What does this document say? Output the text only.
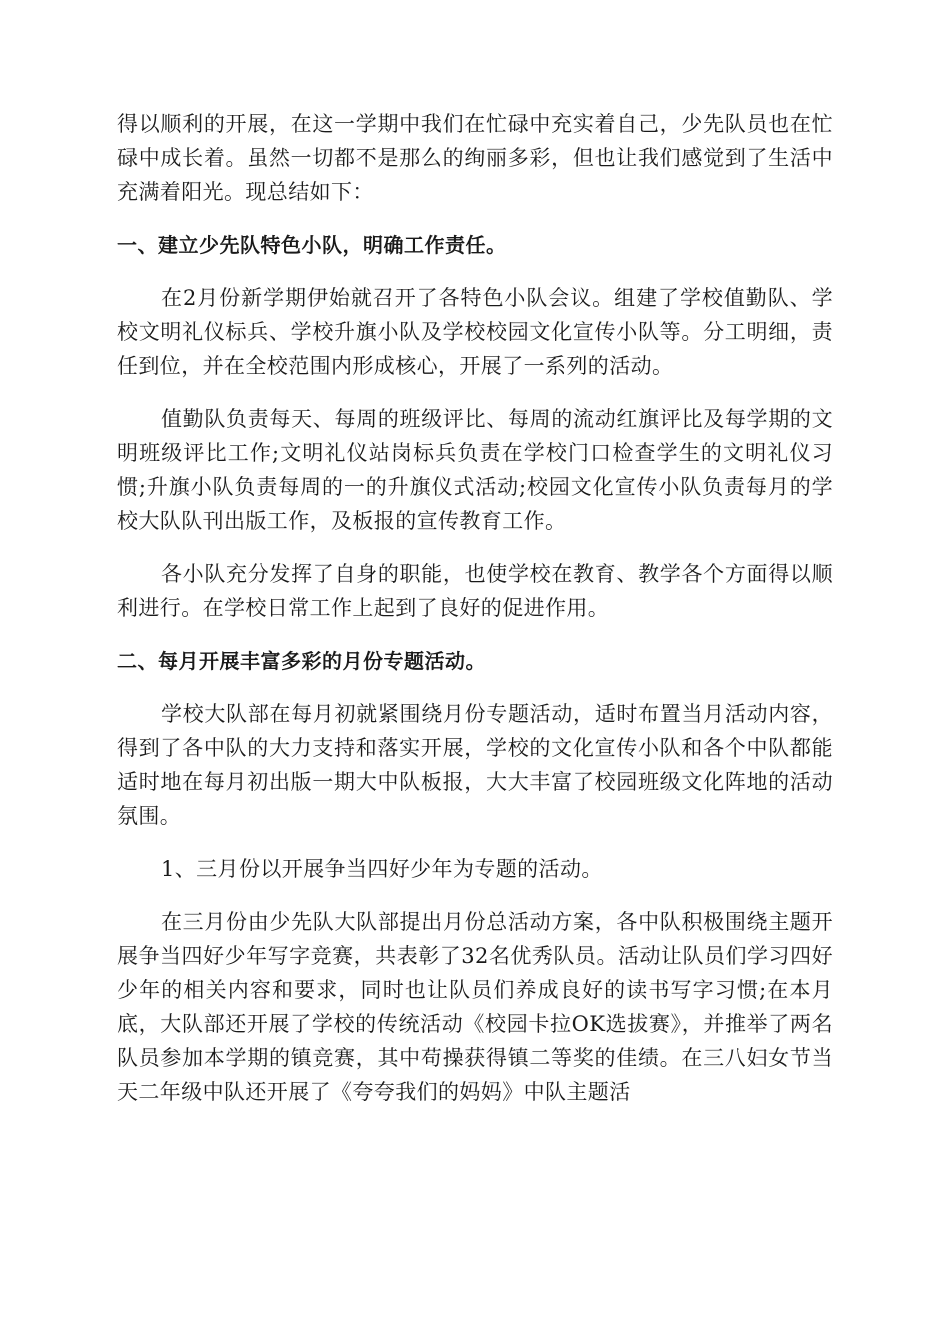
得以顺利的开展，在这一学期中我们在忙碌中充实着自己，少先队员也在忙碌中成长着。虽然一切都不是那么的绚丽多彩，但也让我们感觉到了生活中充满着阳光。现总结如下：

一、建立少先队特色小队，明确工作责任。

在2月份新学期伊始就召开了各特色小队会议。组建了学校值勤队、学校文明礼仪标兵、学校升旗小队及学校校园文化宣传小队等。分工明细，责任到位，并在全校范围内形成核心，开展了一系列的活动。

值勤队负责每天、每周的班级评比、每周的流动红旗评比及每学期的文明班级评比工作;文明礼仪站岗标兵负责在学校门口检查学生的文明礼仪习惯;升旗小队负责每周的一的升旗仪式活动;校园文化宣传小队负责每月的学校大队队刊出版工作，及板报的宣传教育工作。

各小队充分发挥了自身的职能，也使学校在教育、教学各个方面得以顺利进行。在学校日常工作上起到了良好的促进作用。

二、每月开展丰富多彩的月份专题活动。

学校大队部在每月初就紧围绕月份专题活动，适时布置当月活动内容，得到了各中队的大力支持和落实开展，学校的文化宣传小队和各个中队都能适时地在每月初出版一期大中队板报，大大丰富了校园班级文化阵地的活动氛围。

1、三月份以开展争当四好少年为专题的活动。

在三月份由少先队大队部提出月份总活动方案，各中队积极围绕主题开展争当四好少年写字竞赛，共表彰了32名优秀队员。活动让队员们学习四好少年的相关内容和要求，同时也让队员们养成良好的读书写字习惯;在本月底，大队部还开展了学校的传统活动《校园卡拉OK选拔赛》，并推举了两名队员参加本学期的镇竞赛，其中苟操获得镇二等奖的佳绩。在三八妇女节当天二年级中队还开展了《夸夸我们的妈妈》中队主题活
